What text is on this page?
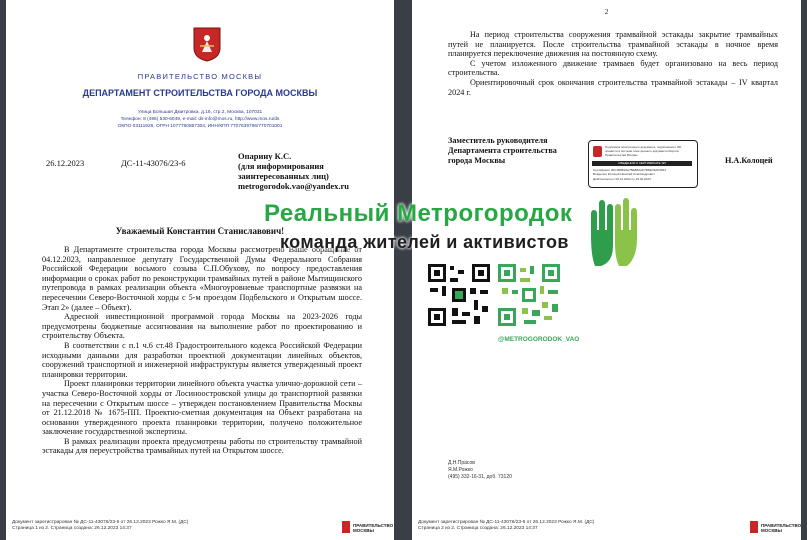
ПРАВИТЕЛЬСТВО МОСКВЫ
ДЕПАРТАМЕНТ СТРОИТЕЛЬСТВА ГОРОДА МОСКВЫ
Улица Большая Дмитровка, д.16, стр.2, Москва, 107031
Телефон: 8 (495) 530-6049, e-mail: ds-info@mos.ru, http://www.mos.ru/ds
ОКПО 03111926, ОГРН 1077760867304, ИНН/КПП 7707639796/770701001
26.12.2023	ДС-11-43076/23-6
Опарину К.С.
(для информирования
заинтересованных лиц)
metrogorodok.vao@yandex.ru
Уважаемый Константин Станиславович!

В Департаменте строительства города Москвы рассмотрено Ваше обращение от 04.12.2023, направленное депутату Государственной Думы Федерального Собрания Российской Федерации восьмого созыва С.П.Обухову, по вопросу предоставления информации о сроках работ по реконструкции трамвайных путей в районе Мытищинского путепровода в рамках реализации объекта «Многоуровневые транспортные развязки на пересечении Северо-Восточной хорды с 5-м проездом Подбельского и Открытым шоссе. Этап 2» (далее – Объект).

Адресной инвестиционной программой города Москвы на 2023-2026 годы предусмотрены бюджетные ассигнования на выполнение работ по проектированию и строительству Объекта.

В соответствии с п.1 ч.6 ст.48 Градостроительного кодекса Российской Федерации исходными данными для разработки проектной документации линейных объектов, сооружений транспортной и инженерной инфраструктуры является утвержденный проект планировки территории.

Проект планировки территории линейного объекта участка улично-дорожной сети – участка Северо-Восточной хорды от Лосиноостровской улицы до транспортной развязки на пересечении с Открытым шоссе – утвержден постановлением Правительства Москвы от 21.12.2018 № 1675-ПП. Проектно-сметная документация на Объект разработана на основании утвержденного проекта планировки территории, получено положительное заключение государственной экспертизы.

В рамках реализации проекта предусмотрены работы по строительству трамвайной эстакады для переустройства трамвайных путей на Открытом шоссе.

Документ зарегистрирован № ДС-11-43076/23-6 от 26.12.2023 Рожко Я.М. (ДС)
Страница 1 из 2. Страница создана: 26.12.2023 14:37
ПРАВИТЕЛЬСТВО
МОСКВЫ
2

На период строительства сооружения трамвайной эстакады закрытие трамвайных путей не планируется. После строительства трамвайной эстакады в ночное время планируется переключение движения на постоянную схему.

С учетом изложенного движение трамваев будет организовано на весь период строительства.

Ориентировочный срок окончания строительства трамвайной эстакады – IV квартал 2024 г.

Заместитель руководителя
Департамента строительства
города Москвы
Подлинник электронного документа, подписанного ЭП, хранится в системе электронного документооборота Правительства Москвы
СВЕДЕНИЯ О СЕРТИФИКАТЕ ЭП
Сертификат 00C4B9B16A7BE8B2AD7BDE7EFF2843
Владелец Колоцей Николай Александрович
Действителен с 06.12.2022 по 29.02.2024
Н.А.Колоцей
Д.Н.Прасов
Я.М.Рожко
(495) 332-16-31, доб. 73120
Документ зарегистрирован № ДС-11-43076/23-6 от 26.12.2023 Рожко Я.М. (ДС)
Страница 2 из 2. Страница создана: 26.12.2023 14:37
ПРАВИТЕЛЬСТВО
МОСКВЫ
Реальный Метрогородок
команда жителей и активистов
@METROGORODOK_VAO
